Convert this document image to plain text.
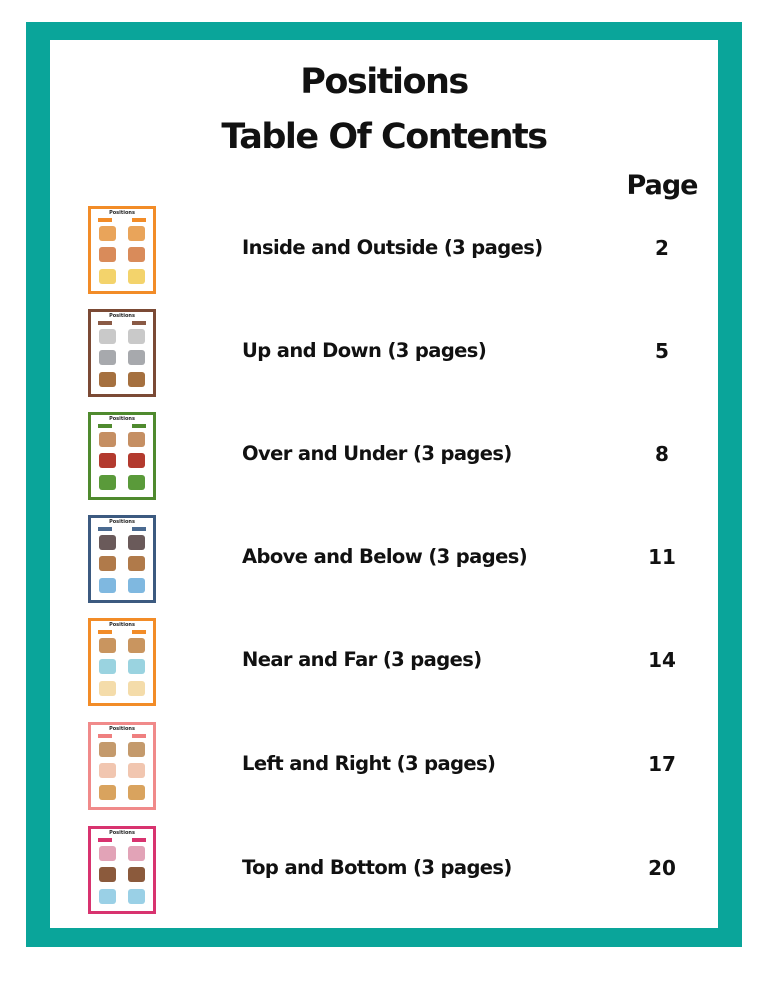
Positions
Table Of Contents
Page
Positions
Inside and Outside (3 pages)	2
Positions
Up and Down (3 pages)	5
Positions
Over and Under (3 pages)	8
Positions
Above and Below (3 pages)	11
Positions
Near and Far (3 pages)	14
Positions
Left and Right (3 pages)	17
Positions
Top and Bottom (3 pages)	20
